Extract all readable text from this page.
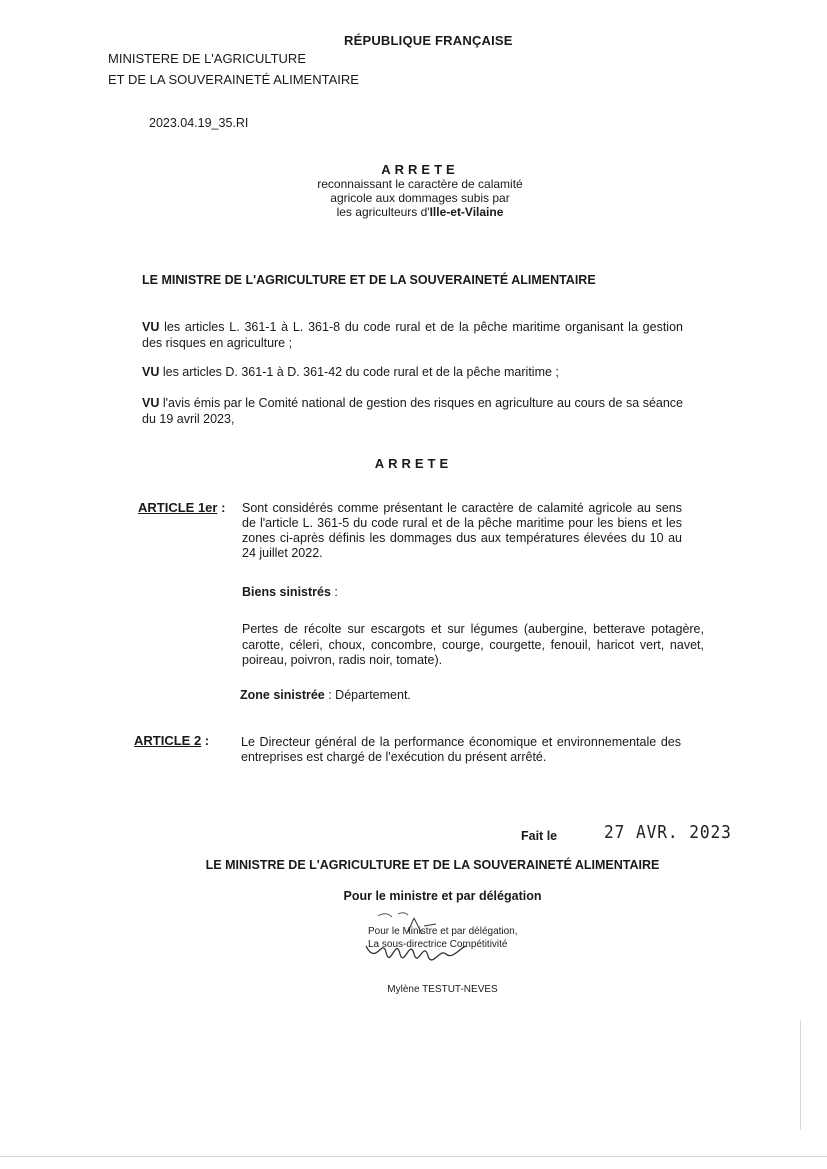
RÉPUBLIQUE FRANÇAISE
MINISTERE DE L'AGRICULTURE
ET DE LA SOUVERAINETÉ ALIMENTAIRE
2023.04.19_35.RI
ARRETE
reconnaissant le caractère de calamité
agricole aux dommages subis par
les agriculteurs d'Ille-et-Vilaine
LE MINISTRE DE L'AGRICULTURE ET DE LA SOUVERAINETÉ ALIMENTAIRE
VU les articles L. 361-1 à L. 361-8 du code rural et de la pêche maritime organisant la gestion des risques en agriculture ;
VU les articles D. 361-1 à D. 361-42 du code rural et de la pêche maritime ;
VU l'avis émis par le Comité national de gestion des risques en agriculture au cours de sa séance du 19 avril 2023,
ARRETE
ARTICLE 1er : Sont considérés comme présentant le caractère de calamité agricole au sens de l'article L. 361-5 du code rural et de la pêche maritime pour les biens et les zones ci-après définis les dommages dus aux températures élevées du 10 au 24 juillet 2022.
Biens sinistrés :
Pertes de récolte sur escargots et sur légumes (aubergine, betterave potagère, carotte, céleri, choux, concombre, courge, courgette, fenouil, haricot vert, navet, poireau, poivron, radis noir, tomate).
Zone sinistrée : Département.
ARTICLE 2 :	Le Directeur général de la performance économique et environnementale des entreprises est chargé de l'exécution du présent arrêté.
Fait le	27 AVR. 2023
LE MINISTRE DE L'AGRICULTURE ET DE LA SOUVERAINETÉ ALIMENTAIRE
Pour le ministre et par délégation
Pour le Ministre et par délégation,
La sous-directrice Compétitivité
Mylène TESTUT-NEVES
